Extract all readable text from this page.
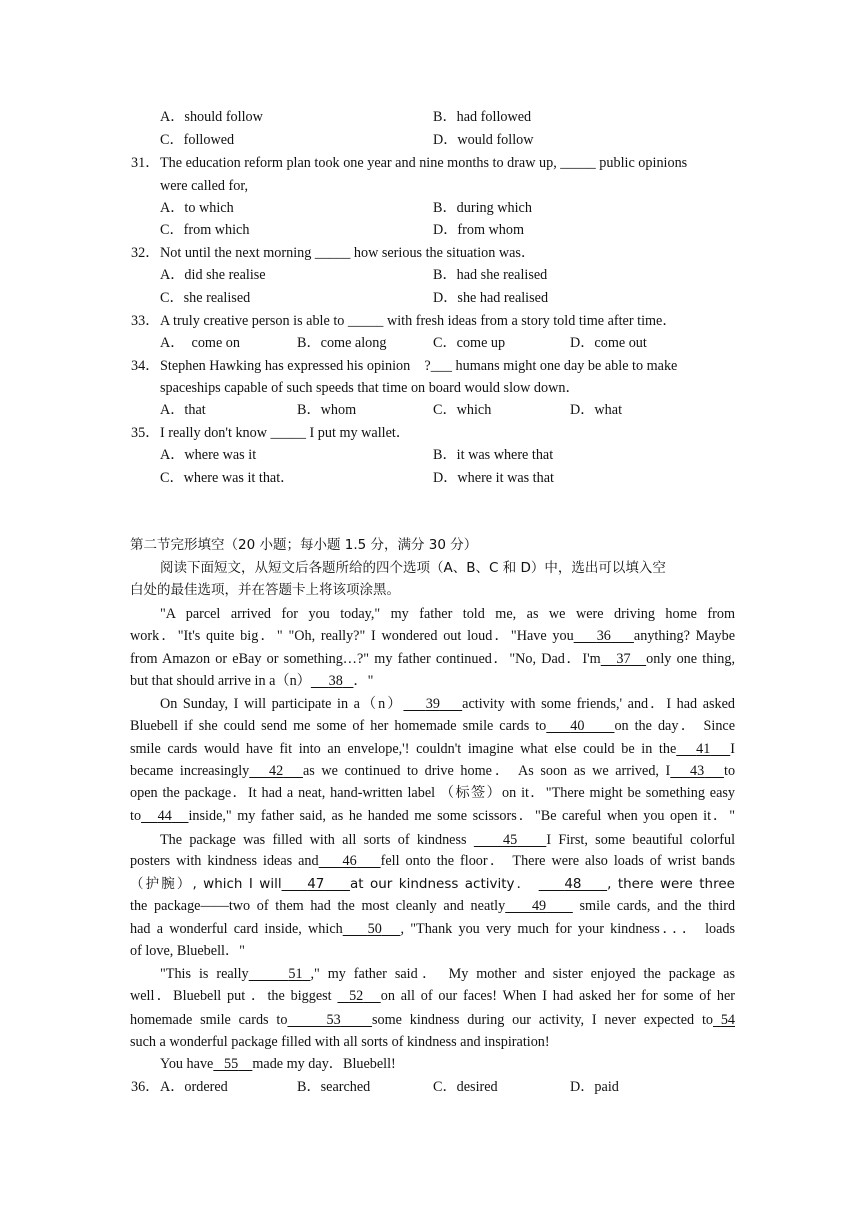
A．should follow	B．had followed
C．followed	D．would follow
31． The education reform plan took one year and nine months to draw up, _____ public opinions
were called for,
A．to which	B．during which
C．from which	D．from whom
32． Not until the next morning _____ how serious the situation was．
A．did she realise	B．had she realised
C．she realised	D．she had realised
33． A truly creative person is able to _____ with fresh ideas from a story told time after time．
A．　come on	B．come along	C．come up	D．come out
34． Stephen Hawking has expressed his opinion　?___ humans might one day be able to make
spaceships capable of such speeds that time on board would slow down．
A．that	B．whom	C．which	D．what
35． I really don't know _____ I put my wallet．
A．where was it	B．it was where that
C．where was it that．	D．where it was that
第二节完形填空（20 小题；每小题 1.5 分，满分 30 分）
阅读下面短文，从短文后各题所给的四个选项（A、B、C 和 D）中，选出可以填入空
白处的最佳选项，并在答题卡上将该项涂黑。
"A parcel arrived for you today," my father told me, as we were driving home from
work．"It's quite big．" "Oh, really?" I wondered out loud．"Have you 36 anything? Maybe
from Amazon or eBay or something…?" my father continued．"No, Dad．I'm 37 only one thing,
but that should arrive in a（n） 38 ．"
On Sunday, I will participate in a（n） 39 activity with some friends,' and．I had asked
Bluebell if she could send me some of her homemade smile cards to 40 on the day． Since
smile cards would have fit into an envelope,'! couldn't imagine what else could be in the 41 I
became increasingly 42 as we continued to drive home． As soon as we arrived, I 43 to
open the package．It had a neat, hand-written label （标签）on it．"There might be something easy
to 44 inside," my father said, as he handed me some scissors．"Be careful when you open it．"
The package was filled with all sorts of kindness	45 I First, some beautiful colorful
posters with kindness ideas and 46 fell onto the floor． There were also loads of wrist bands
（护腕）, which I will 47 at our kindness activity． 48 , there were three
the package——two of them had the most cleanly and neatly 49 smile cards, and the third
had a wonderful card inside, which 50 , "Thank you very much for your kindness．．． loads
of love, Bluebell．"
"This is really	51 ," my father said． My mother and sister enjoyed the package as
well．Bluebell put ．the biggest 52 on all of our faces! When I had asked her for some of her
homemade smile cards to	53 some kindness during our activity, I never expected to 54
such a wonderful package filled with all sorts of kindness and inspiration!
You have 55 made my day．Bluebell!
36． A．ordered	B．searched	C．desired	D．paid
